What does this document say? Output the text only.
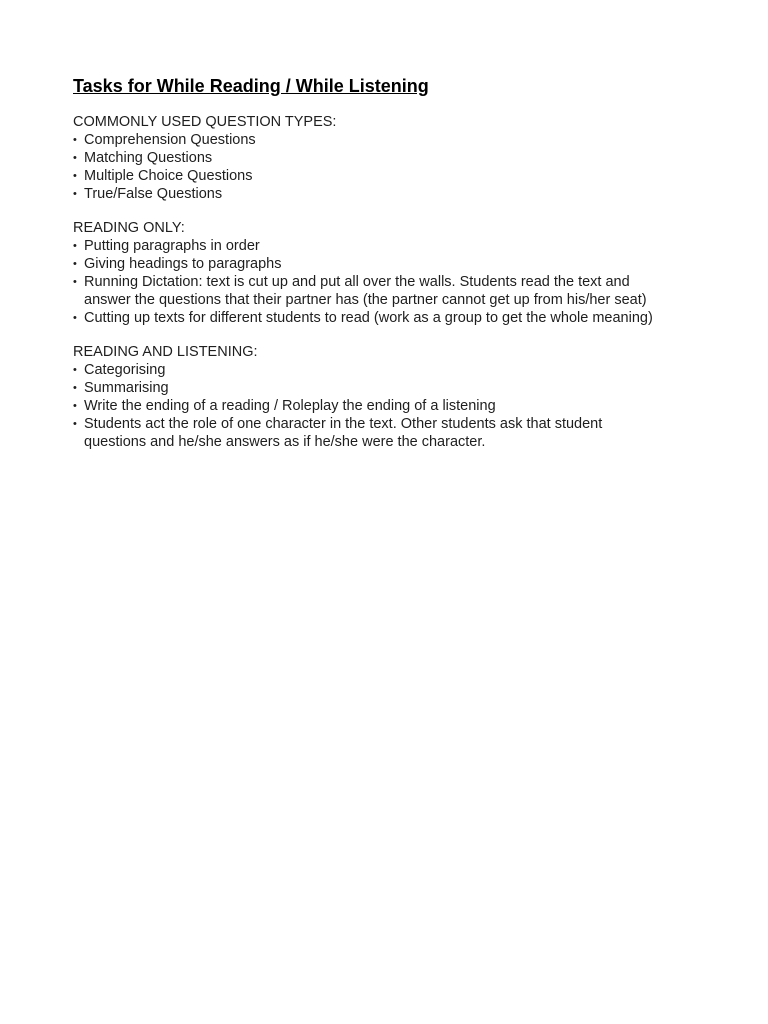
Tasks for While Reading / While Listening
COMMONLY USED QUESTION TYPES:
• Comprehension Questions
• Matching Questions
• Multiple Choice Questions
• True/False Questions
READING ONLY:
• Putting paragraphs in order
• Giving headings to paragraphs
• Running Dictation: text is cut up and put all over the walls. Students read the text and
answer the questions that their partner has (the partner cannot get up from his/her seat)
• Cutting up texts for different students to read (work as a group to get the whole meaning)
READING AND LISTENING:
• Categorising
• Summarising
• Write the ending of a reading / Roleplay the ending of a listening
• Students act the role of one character in the text. Other students ask that student
questions and he/she answers as if he/she were the character.
